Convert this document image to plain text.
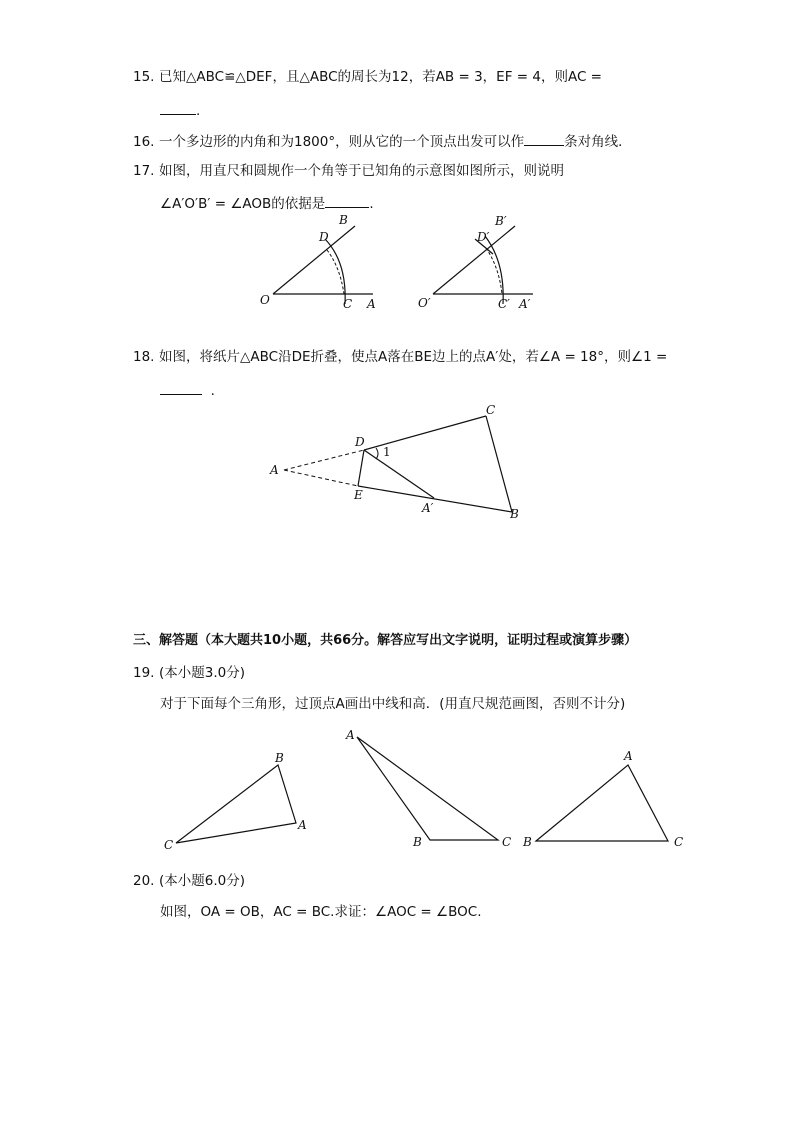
15. 已知△ABC≌△DEF，且△ABC的周长为12，若AB = 3，EF = 4，则AC =
.
16. 一个多边形的内角和为1800°，则从它的一个顶点出发可以作	条对角线．
17. 如图，用直尺和圆规作一个角等于已知角的示意图如图所示，则说明
∠A′O′B′ = ∠AOB的依据是	.
B
D
O	C A
B′
D′
O′	C′ A′
18. 如图，将纸片△ABC沿DE折叠，使点A落在BE边上的点A′处，若∠A = 18°，则∠1 =
.
A
D
C
E
A′	B
1
三、解答题（本大题共10小题，共66分。解答应写出文字说明，证明过程或演算步骤）
19. (本小题3.0分)
对于下面每个三角形，过顶点A画出中线和高．(用直尺规范画图，否则不计分)
B
A
C
A
B	C
A
B	C
20. (本小题6.0分)
如图，OA = OB，AC = BC.求证：∠AOC = ∠BOC.
